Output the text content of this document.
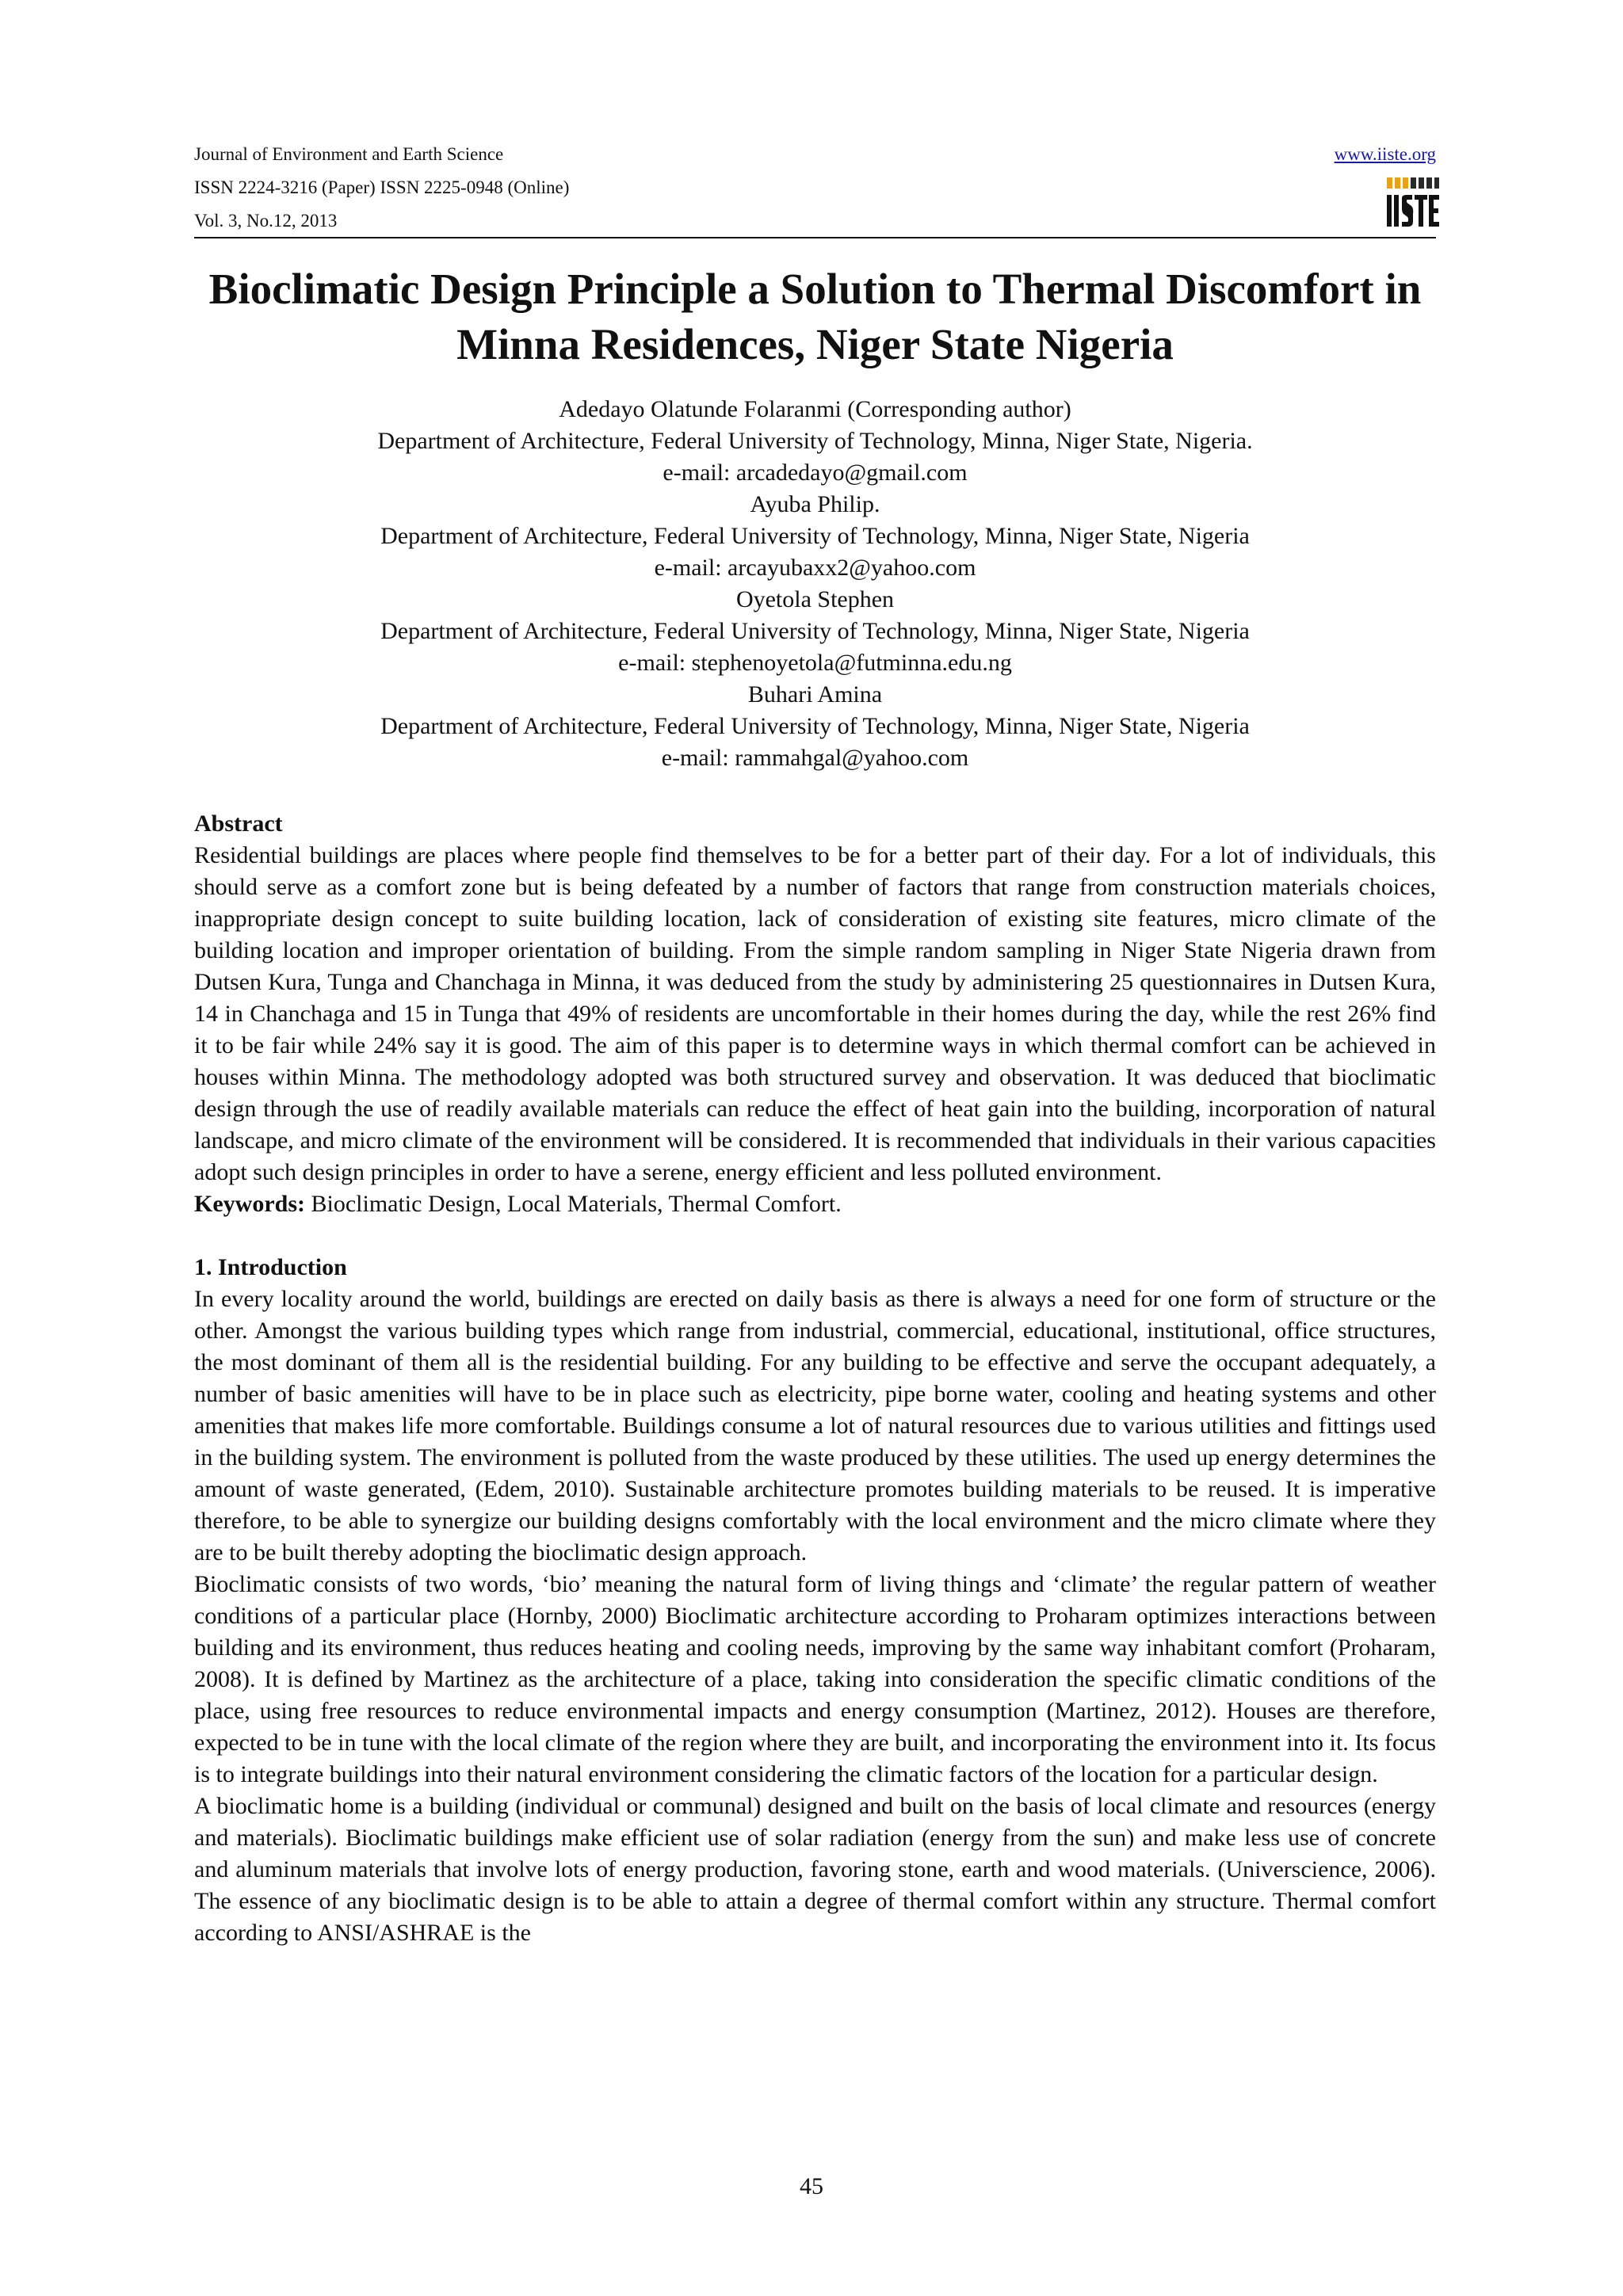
Journal of Environment and Earth Science
ISSN 2224-3216 (Paper) ISSN 2225-0948 (Online)
Vol. 3, No.12, 2013
www.iiste.org
Bioclimatic Design Principle a Solution to Thermal Discomfort in Minna Residences, Niger State Nigeria
Adedayo Olatunde Folaranmi (Corresponding author)
Department of Architecture, Federal University of Technology, Minna, Niger State, Nigeria.
e-mail: arcadedayo@gmail.com
Ayuba Philip.
Department of Architecture, Federal University of Technology, Minna, Niger State, Nigeria
e-mail: arcayubaxx2@yahoo.com
Oyetola Stephen
Department of Architecture, Federal University of Technology, Minna, Niger State, Nigeria
e-mail: stephenoyetola@futminna.edu.ng
Buhari Amina
Department of Architecture, Federal University of Technology, Minna, Niger State, Nigeria
e-mail: rammahgal@yahoo.com
Abstract

Residential buildings are places where people find themselves to be for a better part of their day. For a lot of individuals, this should serve as a comfort zone but is being defeated by a number of factors that range from construction materials choices, inappropriate design concept to suite building location, lack of consideration of existing site features, micro climate of the building location and improper orientation of building. From the simple random sampling in Niger State Nigeria drawn from Dutsen Kura, Tunga and Chanchaga in Minna, it was deduced from the study by administering 25 questionnaires in Dutsen Kura, 14 in Chanchaga and 15 in Tunga that 49% of residents are uncomfortable in their homes during the day, while the rest 26% find it to be fair while 24% say it is good. The aim of this paper is to determine ways in which thermal comfort can be achieved in houses within Minna. The methodology adopted was both structured survey and observation. It was deduced that bioclimatic design through the use of readily available materials can reduce the effect of heat gain into the building, incorporation of natural landscape, and micro climate of the environment will be considered. It is recommended that individuals in their various capacities adopt such design principles in order to have a serene, energy efficient and less polluted environment.

Keywords: Bioclimatic Design, Local Materials, Thermal Comfort.

1. Introduction

In every locality around the world, buildings are erected on daily basis as there is always a need for one form of structure or the other. Amongst the various building types which range from industrial, commercial, educational, institutional, office structures, the most dominant of them all is the residential building. For any building to be effective and serve the occupant adequately, a number of basic amenities will have to be in place such as electricity, pipe borne water, cooling and heating systems and other amenities that makes life more comfortable. Buildings consume a lot of natural resources due to various utilities and fittings used in the building system. The environment is polluted from the waste produced by these utilities. The used up energy determines the amount of waste generated, (Edem, 2010). Sustainable architecture promotes building materials to be reused. It is imperative therefore, to be able to synergize our building designs comfortably with the local environment and the micro climate where they are to be built thereby adopting the bioclimatic design approach.

Bioclimatic consists of two words, ‘bio’ meaning the natural form of living things and ‘climate’ the regular pattern of weather conditions of a particular place (Hornby, 2000) Bioclimatic architecture according to Proharam optimizes interactions between building and its environment, thus reduces heating and cooling needs, improving by the same way inhabitant comfort (Proharam, 2008). It is defined by Martinez as the architecture of a place, taking into consideration the specific climatic conditions of the place, using free resources to reduce environmental impacts and energy consumption (Martinez, 2012). Houses are therefore, expected to be in tune with the local climate of the region where they are built, and incorporating the environment into it. Its focus is to integrate buildings into their natural environment considering the climatic factors of the location for a particular design.

A bioclimatic home is a building (individual or communal) designed and built on the basis of local climate and resources (energy and materials). Bioclimatic buildings make efficient use of solar radiation (energy from the sun) and make less use of concrete and aluminum materials that involve lots of energy production, favoring stone, earth and wood materials. (Universcience, 2006). The essence of any bioclimatic design is to be able to attain a degree of thermal comfort within any structure. Thermal comfort according to ANSI/ASHRAE is the

45
